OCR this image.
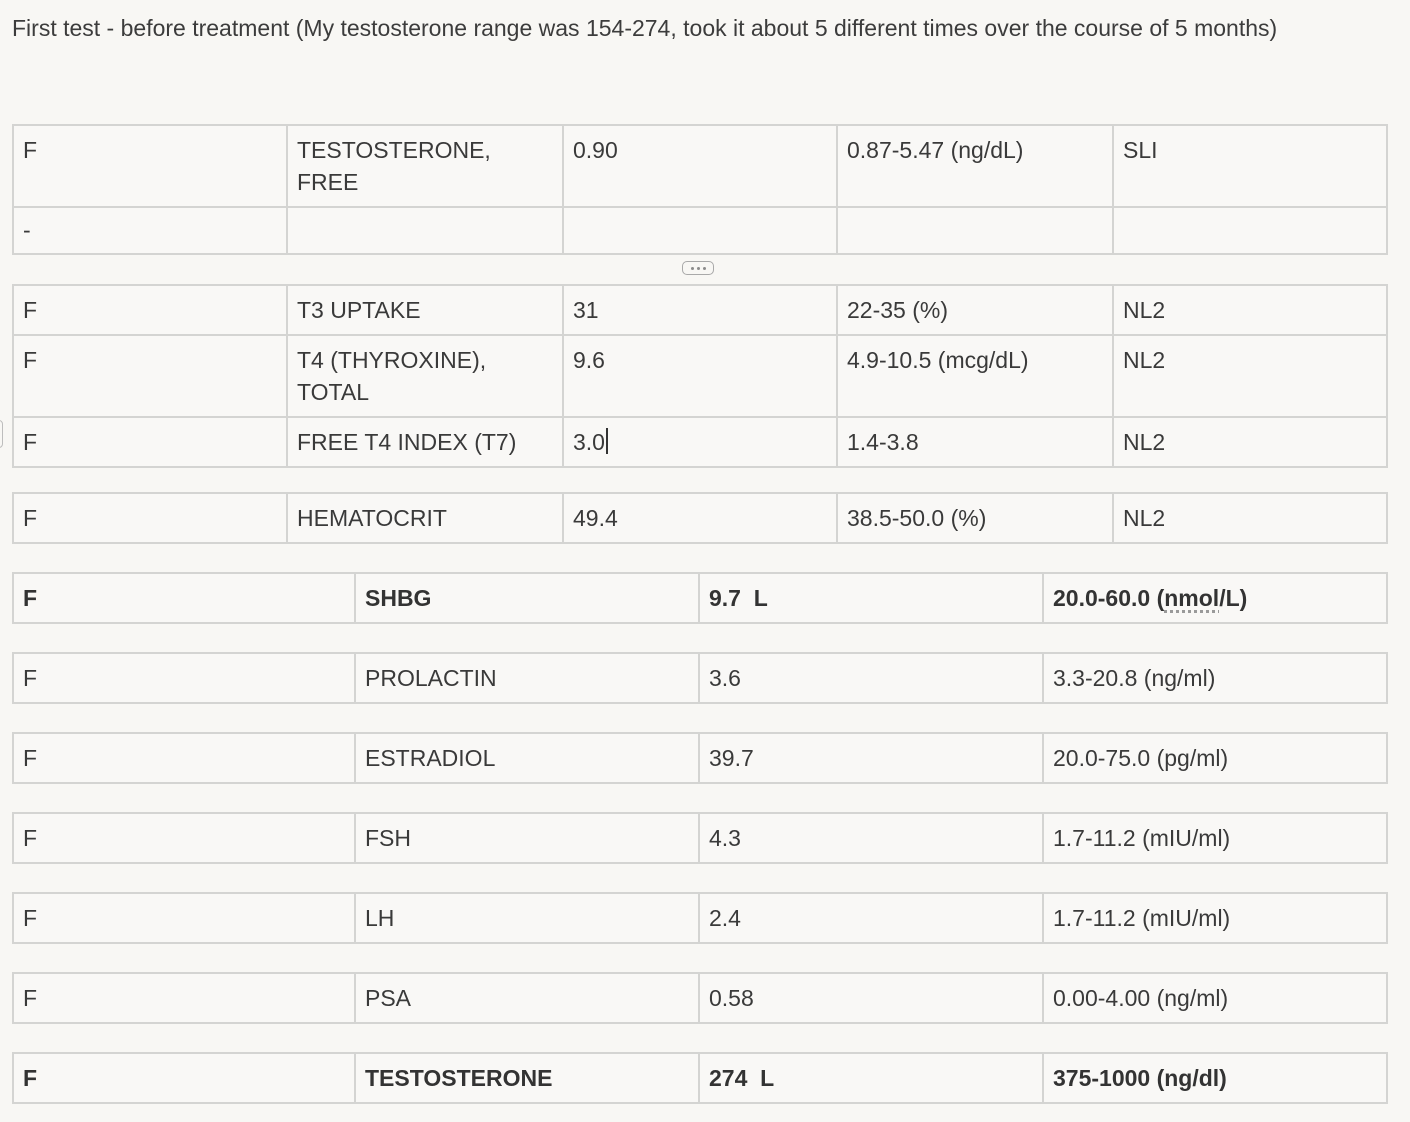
First test - before treatment (My testosterone range was 154-274, took it about 5 different times over the course of 5 months)
F	TESTOSTERONE, FREE	0.90	0.87-5.47 (ng/dL)	SLI
-				
F	T3 UPTAKE	31	22-35 (%)	NL2
F	T4 (THYROXINE), TOTAL	9.6	4.9-10.5 (mcg/dL)	NL2
F	FREE T4 INDEX (T7)	3.0	1.4-3.8	NL2
F	HEMATOCRIT	49.4	38.5-50.0 (%)	NL2
F	SHBG	9.7  L	20.0-60.0 (nmol/L)
F	PROLACTIN	3.6	3.3-20.8 (ng/ml)
F	ESTRADIOL	39.7	20.0-75.0 (pg/ml)
F	FSH	4.3	1.7-11.2 (mIU/ml)
F	LH	2.4	1.7-11.2 (mIU/ml)
F	PSA	0.58	0.00-4.00 (ng/ml)
F	TESTOSTERONE	274  L	375-1000 (ng/dl)
